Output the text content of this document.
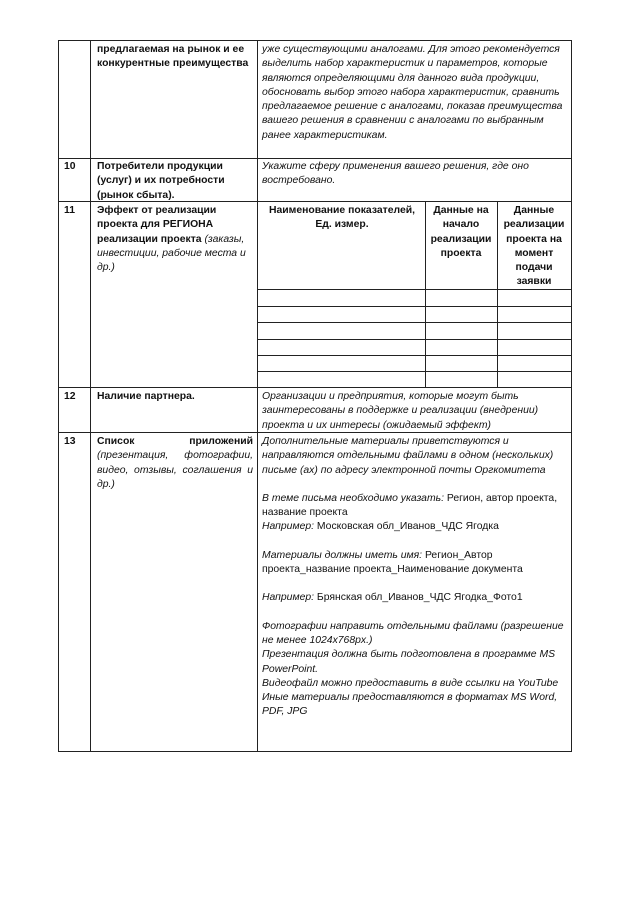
предлагаемая на рынок и ее конкурентные преимущества
уже существующими аналогами. Для этого рекомендуется выделить набор характеристик и параметров, которые являются определяющими для данного вида продукции, обосновать выбор этого набора характеристик, сравнить предлагаемое решение с аналогами, показав преимущества вашего решения в сравнении с аналогами по выбранным ранее характеристикам.
10 Потребители продукции (услуг) и их потребности (рынок сбыта).
Укажите сферу применения вашего решения, где оно востребовано.
11 Эффект от реализации проекта для РЕГИОНА реализации проекта (заказы, инвестиции, рабочие места и др.)
Наименование показателей, Ед. измер.
Данные на начало реализации проекта
Данные реализации проекта на момент подачи заявки
12 Наличие партнера.	Организации и предприятия, которые могут быть заинтересованы в поддержке и реализации (внедрении) проекта и их интересы (ожидаемый эффект)
13 Список	приложений
(презентация, фотографии, видео, отзывы, соглашения и др.)
Дополнительные материалы приветствуются и направляются отдельными файлами в одном (нескольких) письме (ах) по адресу электронной почты Оргкомитета
В теме письма необходимо указать: Регион, автор проекта, название проекта
Например: Московская обл_Иванов_ЧДС Ягодка
Материалы должны иметь имя: Регион_Автор проекта_название проекта_Наименование документа
Например: Брянская обл_Иванов_ЧДС Ягодка_Фото1
Фотографии направить отдельными файлами (разрешение не менее 1024х768px.)
Презентация должна быть подготовлена в программе MS PowerPoint.
Видеофайл можно предоставить в виде ссылки на YouTube
Иные материалы предоставляются в форматах MS Word, PDF, JPG
